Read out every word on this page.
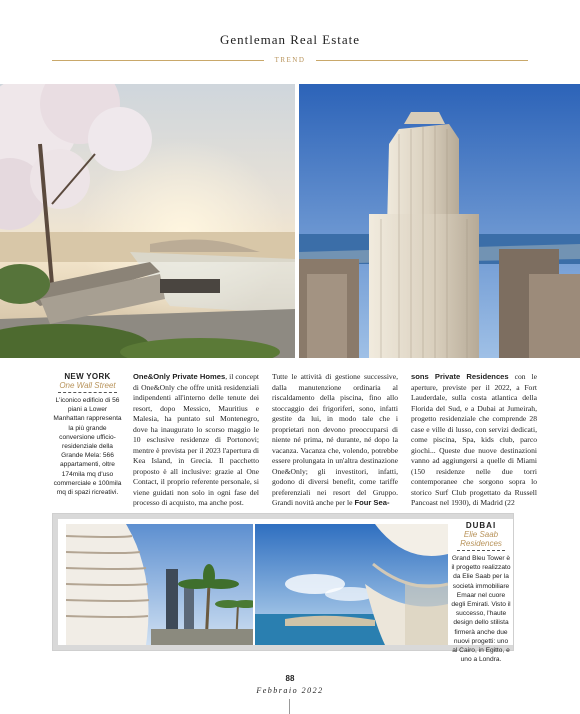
Gentleman Real Estate
TREND
NEW YORK
One Wall Street
L'iconico edificio di 56 piani a Lower Manhattan rappresenta la più grande conversione ufficio-residenziale della Grande Mela: 566 appartamenti, oltre 174mila mq d'uso commerciale e 100mila mq di spazi ricreativi.
One&Only Private Homes, il concept di One&Only che offre unità residenziali indipendenti all'interno delle tenute dei resort, dopo Messico, Mauritius e Malesia, ha puntato sul Montenegro, dove ha inaugurato lo scorso maggio le 10 esclusive residenze di Portonovi; mentre è prevista per il 2023 l'apertura di Kea Island, in Grecia. Il pacchetto proposto è all inclusive: grazie al One Contact, il proprio referente personale, si viene guidati non solo in ogni fase del processo di acquisto, ma anche post.
Tutte le attività di gestione successive, dalla manutenzione ordinaria al riscaldamento della piscina, fino allo stoccaggio dei frigoriferi, sono, infatti gestite da lui, in modo tale che i proprietari non devono preoccuparsi di niente né prima, né durante, né dopo la vacanza. Vacanza che, volendo, potrebbe essere prolungata in un'altra destinazione One&Only; gli investitori, infatti, godono di diversi benefit, come tariffe preferenziali nei resort del Gruppo. Grandi novità anche per le Four Sea-
sons Private Residences con le aperture, previste per il 2022, a Fort Lauderdale, sulla costa atlantica della Florida del Sud, e a Dubai at Jumeirah, progetto residenziale che comprende 28 case e ville di lusso, con servizi dedicati, come piscina, Spa, kids club, parco giochi... Queste due nuove destinazioni vanno ad aggiungersi a quelle di Miami (150 residenze nelle due torri contemporanee che sorgono sopra lo storico Surf Club progettato da Russell Pancoast nel 1930), di Madrid (22
DUBAI
Elie Saab Residences
Grand Bleu Tower è il progetto realizzato da Elie Saab per la società immobiliare Emaar nel cuore degli Emirati. Visto il successo, l'haute design dello stilista firmerà anche due nuovi progetti: uno al Cairo, in Egitto, e uno a Londra.
88
Febbraio 2022
